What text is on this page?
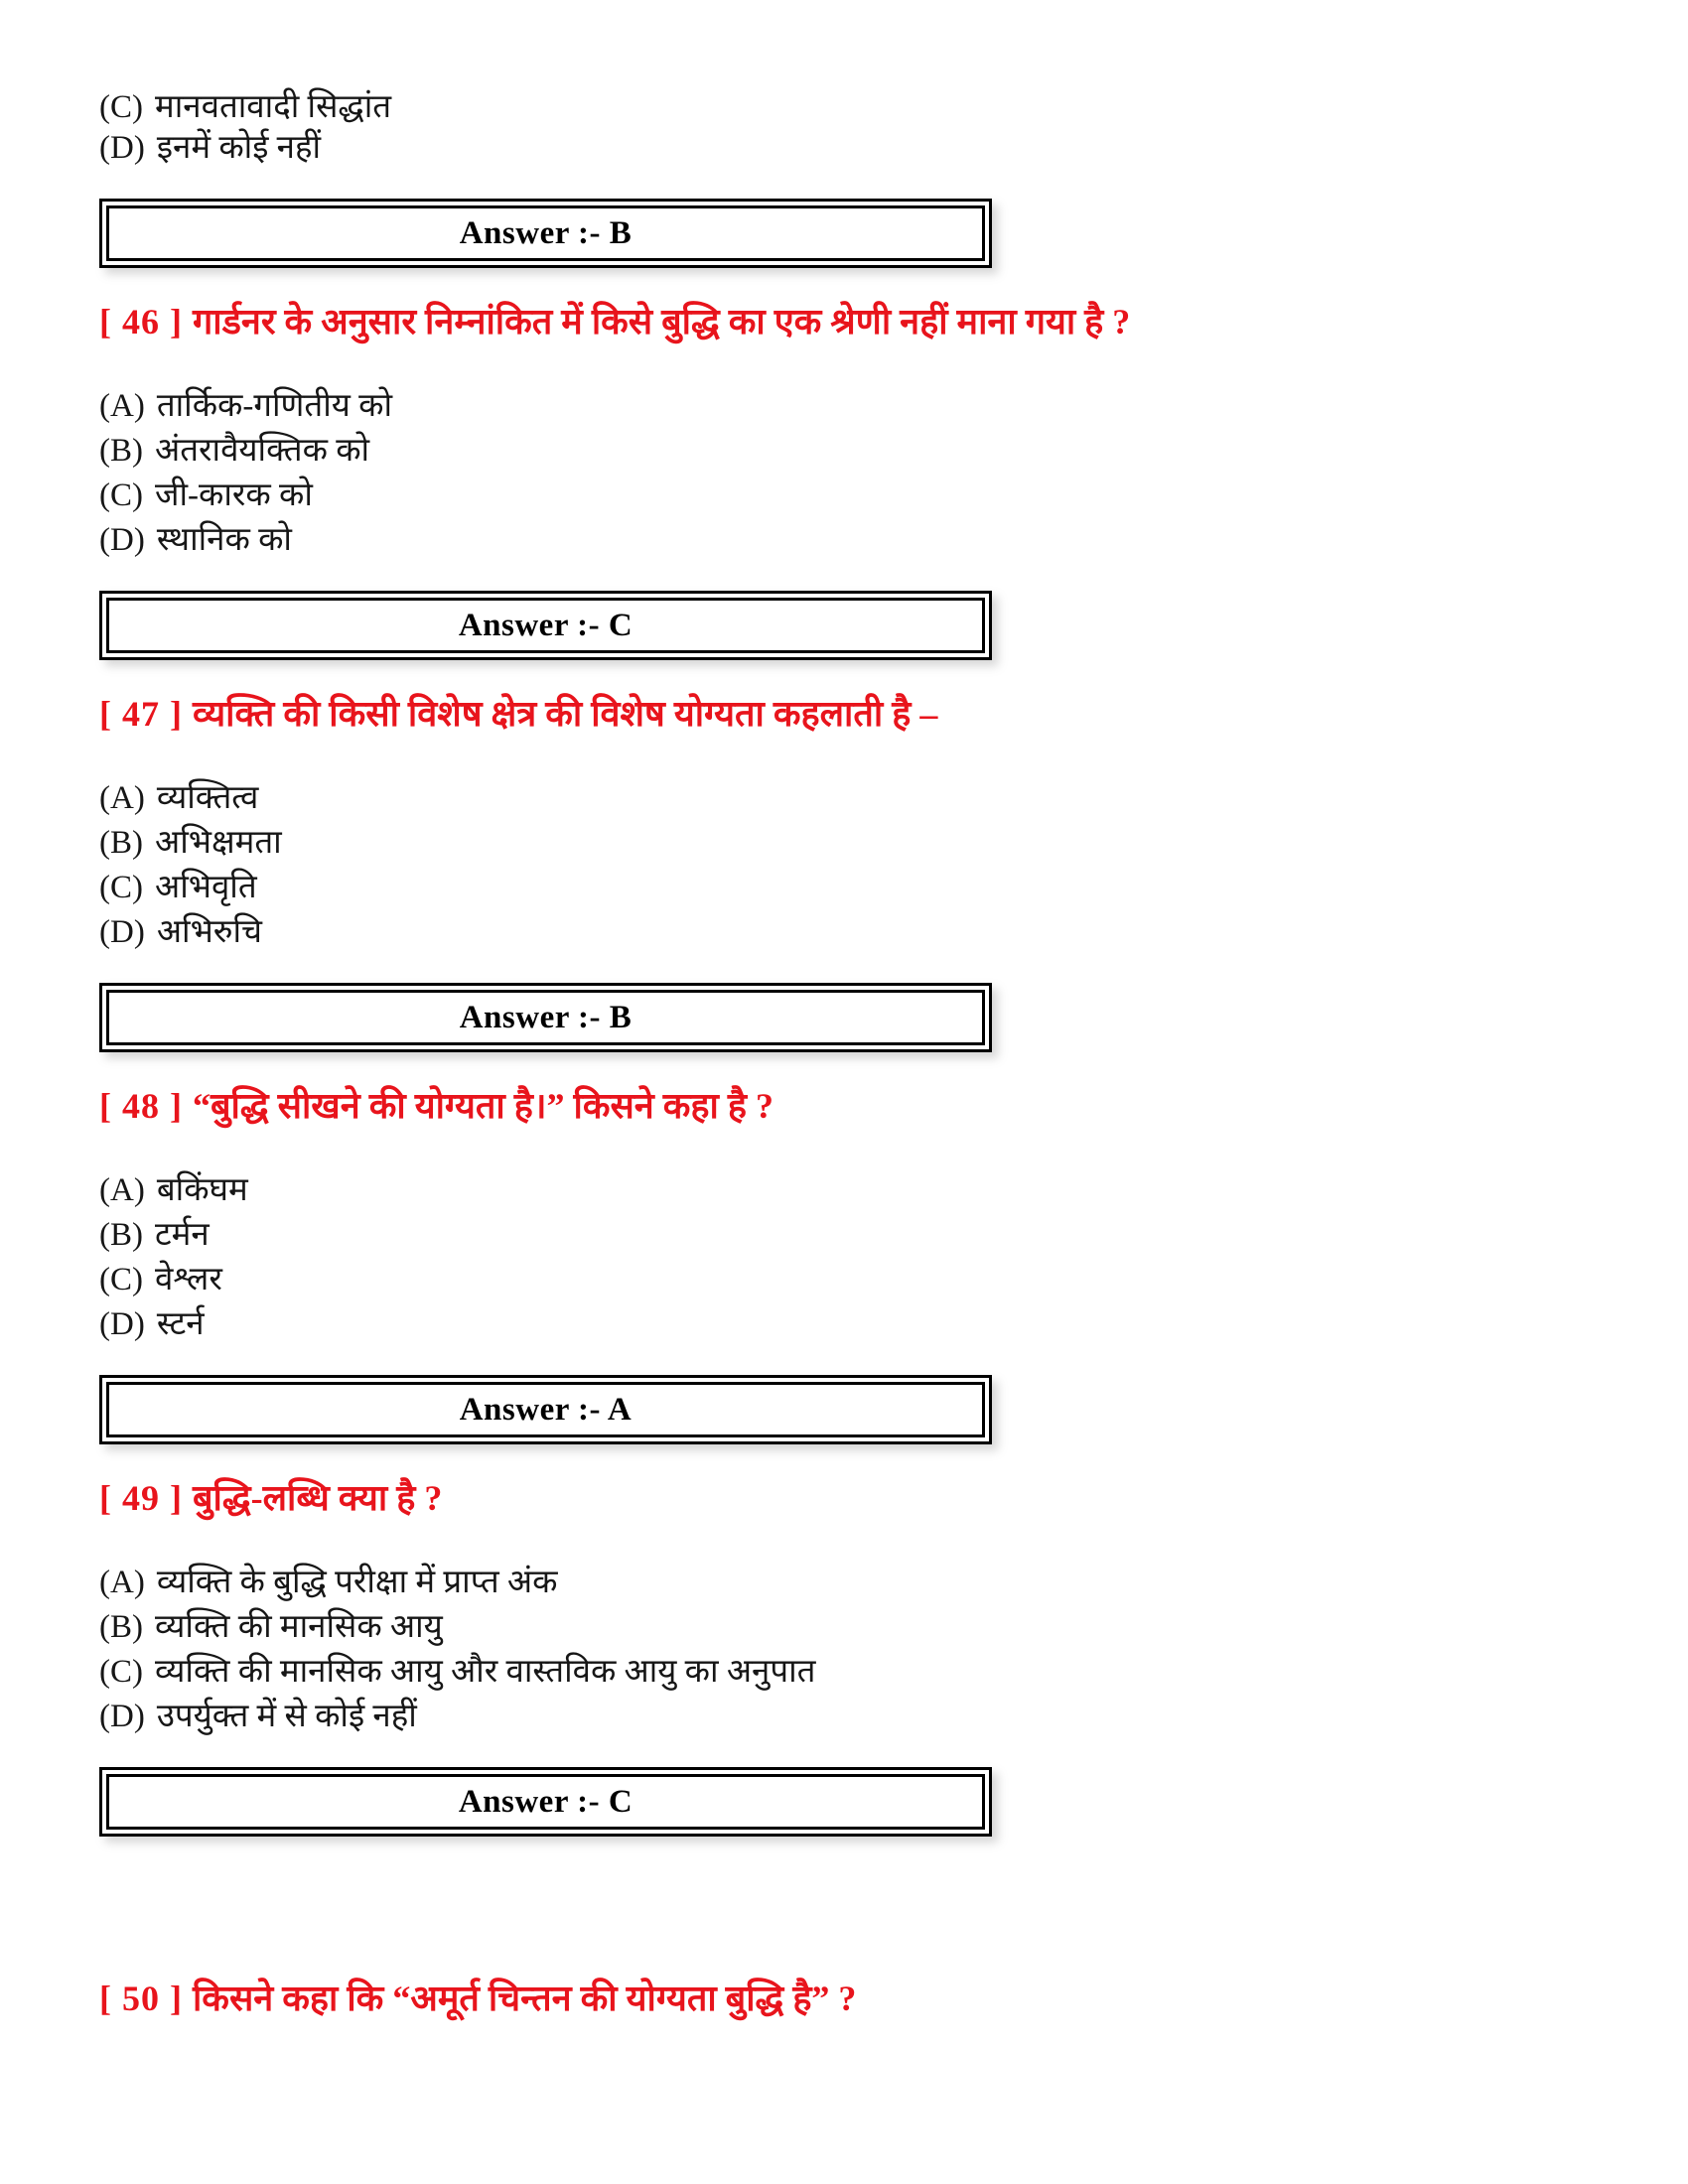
(C) मानवतावादी सिद्धांत
(D) इनमें कोई नहीं
Answer :- B
[ 46 ] गार्डनर के अनुसार निम्नांकित में किसे बुद्धि का एक श्रेणी नहीं माना गया है ?
(A) तार्किक-गणितीय को
(B) अंतरावैयक्तिक को
(C) जी-कारक को
(D) स्थानिक को
Answer :- C
[ 47 ] व्यक्ति की किसी विशेष क्षेत्र की विशेष योग्यता कहलाती है –
(A) व्यक्तित्व
(B) अभिक्षमता
(C) अभिवृति
(D) अभिरुचि
Answer :- B
[ 48 ] “बुद्धि सीखने की योग्यता है।” किसने कहा है ?
(A) बकिंघम
(B) टर्मन
(C) वेश्लर
(D) स्टर्न
Answer :- A
[ 49 ] बुद्धि-लब्धि क्या है ?
(A) व्यक्ति के बुद्धि परीक्षा में प्राप्त अंक
(B) व्यक्ति की मानसिक आयु
(C) व्यक्ति की मानसिक आयु और वास्तविक आयु का अनुपात
(D) उपर्युक्त में से कोई नहीं
Answer :- C
[ 50 ] किसने कहा कि “अमूर्त चिन्तन की योग्यता बुद्धि है” ?
